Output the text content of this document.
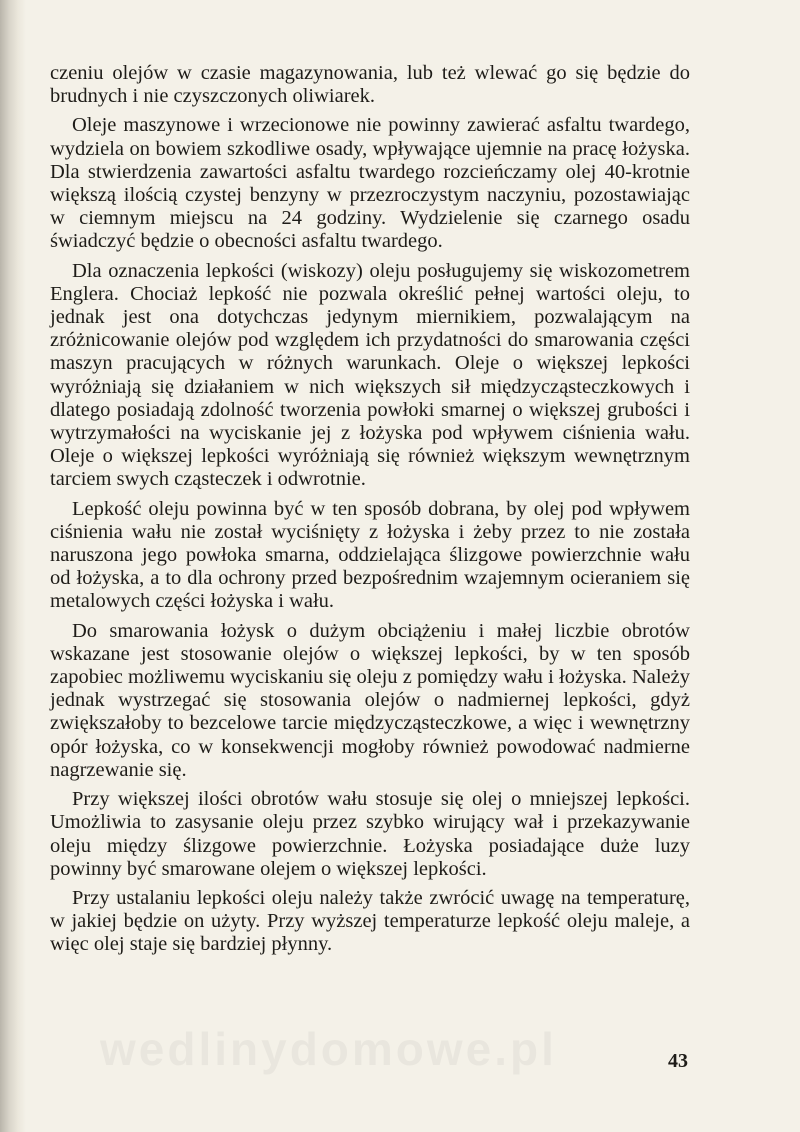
czeniu olejów w czasie magazynowania, lub też wlewać go się będzie do brudnych i nie czyszczonych oliwiarek.

Oleje maszynowe i wrzecionowe nie powinny zawierać asfaltu twardego, wydziela on bowiem szkodliwe osady, wpływające ujemnie na pracę łożyska. Dla stwierdzenia zawartości asfaltu twardego rozcieńczamy olej 40-krotnie większą ilością czystej benzyny w przezroczystym naczyniu, pozostawiając w ciemnym miejscu na 24 godziny. Wydzielenie się czarnego osadu świadczyć będzie o obecności asfaltu twardego.

Dla oznaczenia lepkości (wiskozy) oleju posługujemy się wiskozometrem Englera. Chociaż lepkość nie pozwala określić pełnej wartości oleju, to jednak jest ona dotychczas jedynym miernikiem, pozwalającym na zróżnicowanie olejów pod względem ich przydatności do smarowania części maszyn pracujących w różnych warunkach. Oleje o większej lepkości wyróżniają się działaniem w nich większych sił międzycząsteczkowych i dlatego posiadają zdolność tworzenia powłoki smarnej o większej grubości i wytrzymałości na wyciskanie jej z łożyska pod wpływem ciśnienia wału. Oleje o większej lepkości wyróżniają się również większym wewnętrznym tarciem swych cząsteczek i odwrotnie.

Lepkość oleju powinna być w ten sposób dobrana, by olej pod wpływem ciśnienia wału nie został wyciśnięty z łożyska i żeby przez to nie została naruszona jego powłoka smarna, oddzielająca ślizgowe powierzchnie wału od łożyska, a to dla ochrony przed bezpośrednim wzajemnym ocieraniem się metalowych części łożyska i wału.

Do smarowania łożysk o dużym obciążeniu i małej liczbie obrotów wskazane jest stosowanie olejów o większej lepkości, by w ten sposób zapobiec możliwemu wyciskaniu się oleju z pomiędzy wału i łożyska. Należy jednak wystrzegać się stosowania olejów o nadmiernej lepkości, gdyż zwiększałoby to bezcelowe tarcie międzycząsteczkowe, a więc i wewnętrzny opór łożyska, co w konsekwencji mogłoby również powodować nadmierne nagrzewanie się.

Przy większej ilości obrotów wału stosuje się olej o mniejszej lepkości. Umożliwia to zasysanie oleju przez szybko wirujący wał i przekazywanie oleju między ślizgowe powierzchnie. Łożyska posiadające duże luzy powinny być smarowane olejem o większej lepkości.

Przy ustalaniu lepkości oleju należy także zwrócić uwagę na temperaturę, w jakiej będzie on użyty. Przy wyższej temperaturze lepkość oleju maleje, a więc olej staje się bardziej płynny.

43
